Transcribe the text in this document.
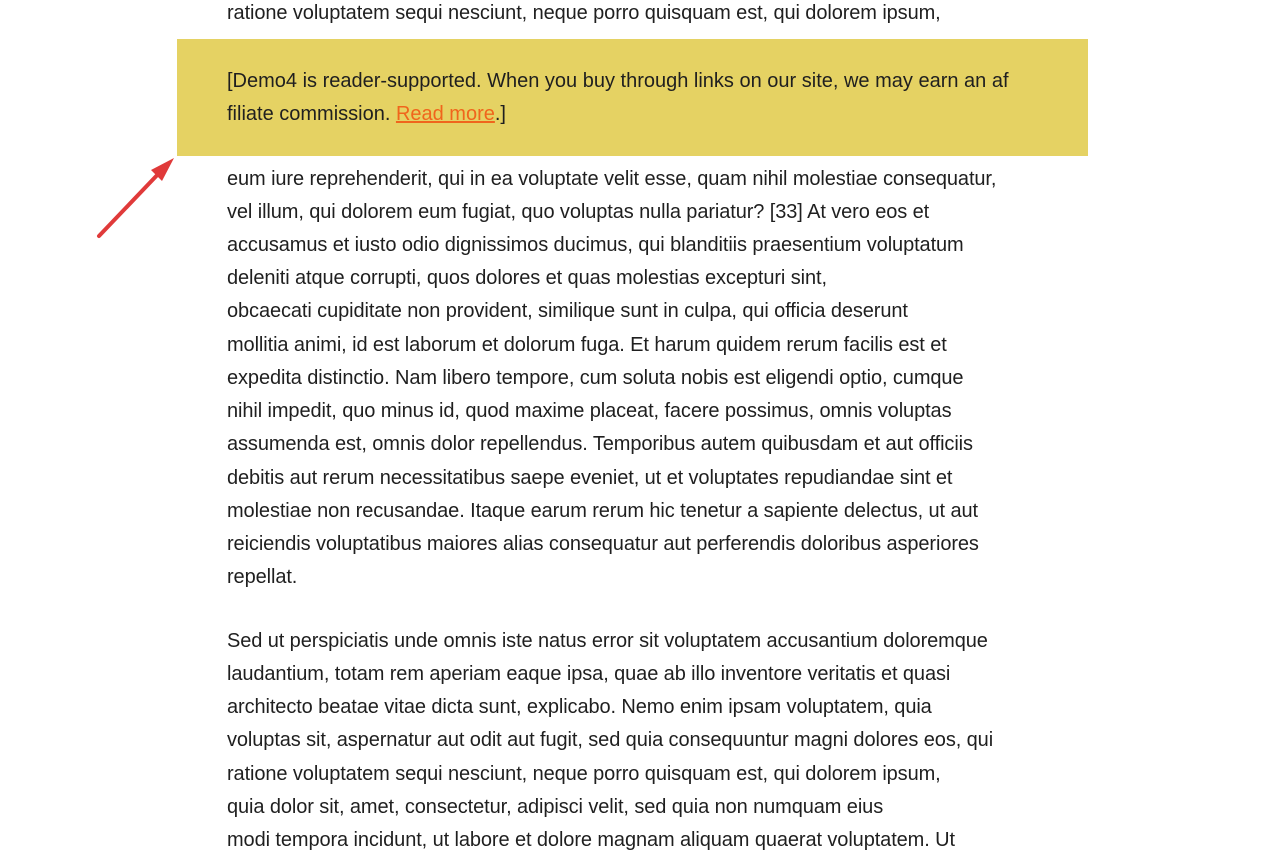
ratione voluptatem sequi nesciunt, neque porro quisquam est, qui dolorem ipsum,
eum iure reprehenderit, qui in ea voluptate velit esse, quam nihil molestiae consequatur,
vel illum, qui dolorem eum fugiat, quo voluptas nulla pariatur? [33] At vero eos et
accusamus et iusto odio dignissimos ducimus, qui blanditiis praesentium voluptatum
deleniti atque corrupti, quos dolores et quas molestias excepturi sint,
obcaecati cupiditate non provident, similique sunt in culpa, qui officia deserunt
mollitia animi, id est laborum et dolorum fuga. Et harum quidem rerum facilis est et
expedita distinctio. Nam libero tempore, cum soluta nobis est eligendi optio, cumque
nihil impedit, quo minus id, quod maxime placeat, facere possimus, omnis voluptas
assumenda est, omnis dolor repellendus. Temporibus autem quibusdam et aut officiis
debitis aut rerum necessitatibus saepe eveniet, ut et voluptates repudiandae sint et
molestiae non recusandae. Itaque earum rerum hic tenetur a sapiente delectus, ut aut
reiciendis voluptatibus maiores alias consequatur aut perferendis doloribus asperiores
repellat.
Sed ut perspiciatis unde omnis iste natus error sit voluptatem accusantium doloremque
laudantium, totam rem aperiam eaque ipsa, quae ab illo inventore veritatis et quasi
architecto beatae vitae dicta sunt, explicabo. Nemo enim ipsam voluptatem, quia
voluptas sit, aspernatur aut odit aut fugit, sed quia consequuntur magni dolores eos, qui
ratione voluptatem sequi nesciunt, neque porro quisquam est, qui dolorem ipsum,
quia dolor sit, amet, consectetur, adipisci velit, sed quia non numquam eius
modi tempora incidunt, ut labore et dolore magnam aliquam quaerat voluptatem. Ut
[Demo4 is reader-supported. When you buy through links on our site, we may earn an af
filiate commission. Read more.]
